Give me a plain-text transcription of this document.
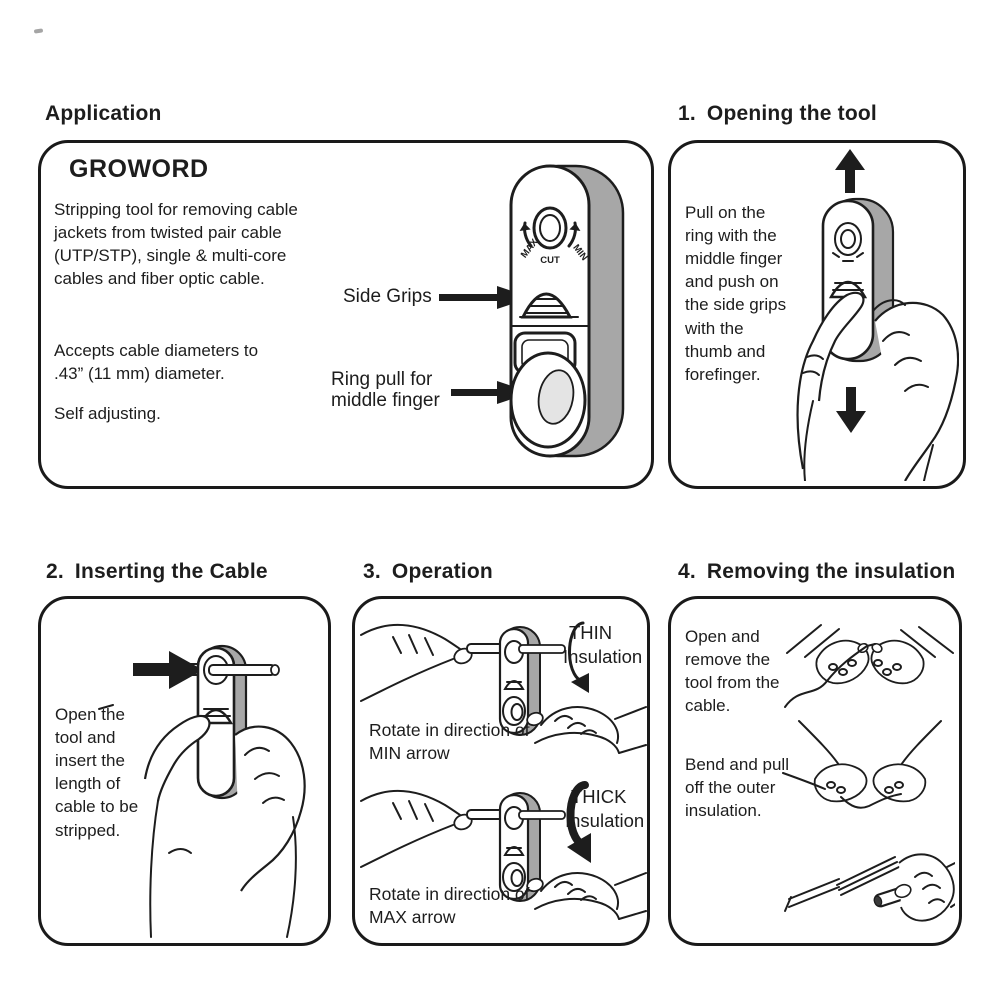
Application
GROWORD
Stripping tool for removing cable jackets from twisted pair cable (UTP/STP), single & multi-core cables and fiber optic cable.
Accepts cable diameters to .43” (11 mm) diameter.
Self adjusting.
Side Grips
Ring pull for middle finger
MAX
CUT MIN
1. Opening the tool
Pull on the ring with the middle finger and push on the side grips with the thumb and forefinger.
2. Inserting the Cable
Open the tool and insert the length of cable to be stripped.
3. Operation
THIN
Insulation
Rotate in direction of MIN arrow
THICK
Insulation
Rotate in direction of MAX arrow
4. Removing the insulation
Open and remove the tool from the cable.
Bend and pull off the outer insulation.
